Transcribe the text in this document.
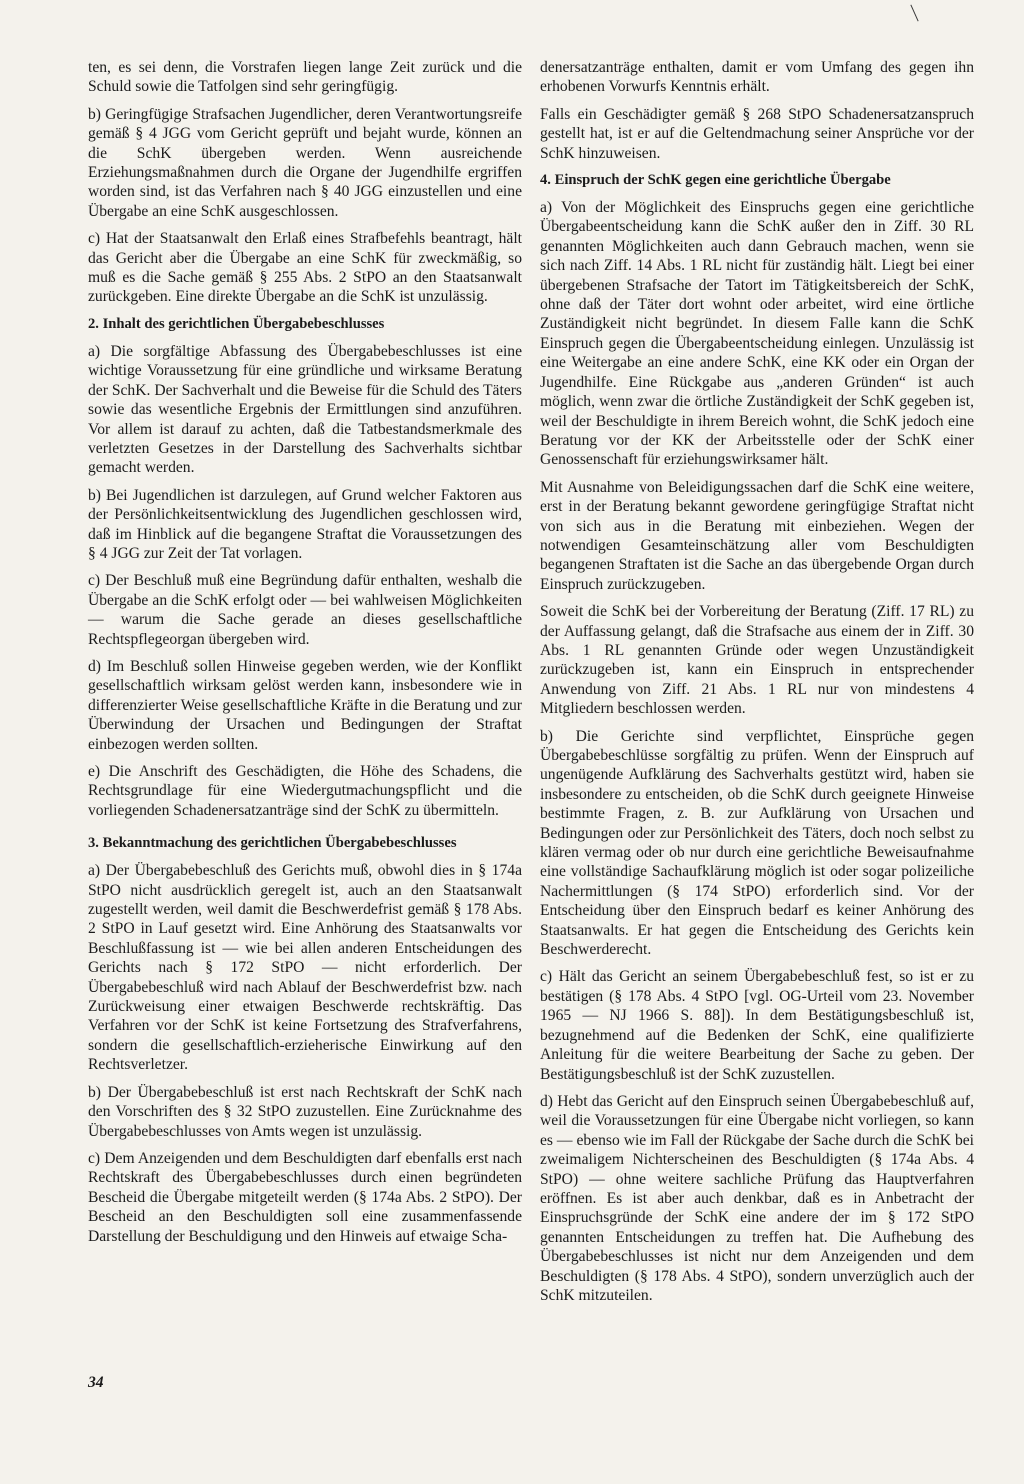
ten, es sei denn, die Vorstrafen liegen lange Zeit zurück und die Schuld sowie die Tatfolgen sind sehr geringfügig.

b) Geringfügige Strafsachen Jugendlicher, deren Verantwortungsreife gemäß § 4 JGG vom Gericht geprüft und bejaht wurde, können an die SchK übergeben werden. Wenn ausreichende Erziehungsmaßnahmen durch die Organe der Jugendhilfe ergriffen worden sind, ist das Verfahren nach § 40 JGG einzustellen und eine Übergabe an eine SchK ausgeschlossen.

c) Hat der Staatsanwalt den Erlaß eines Strafbefehls beantragt, hält das Gericht aber die Übergabe an eine SchK für zweckmäßig, so muß es die Sache gemäß § 255 Abs. 2 StPO an den Staatsanwalt zurückgeben. Eine direkte Übergabe an die SchK ist unzulässig.

2. Inhalt des gerichtlichen Übergabebeschlusses

a) Die sorgfältige Abfassung des Übergabebeschlusses ist eine wichtige Voraussetzung für eine gründliche und wirksame Beratung der SchK. Der Sachverhalt und die Beweise für die Schuld des Täters sowie das wesentliche Ergebnis der Ermittlungen sind anzuführen. Vor allem ist darauf zu achten, daß die Tatbestandsmerkmale des verletzten Gesetzes in der Darstellung des Sachverhalts sichtbar gemacht werden.

b) Bei Jugendlichen ist darzulegen, auf Grund welcher Faktoren aus der Persönlichkeitsentwicklung des Jugendlichen geschlossen wird, daß im Hinblick auf die begangene Straftat die Voraussetzungen des § 4 JGG zur Zeit der Tat vorlagen.

c) Der Beschluß muß eine Begründung dafür enthalten, weshalb die Übergabe an die SchK erfolgt oder — bei wahlweisen Möglichkeiten — warum die Sache gerade an dieses gesellschaftliche Rechtspflegeorgan übergeben wird.

d) Im Beschluß sollen Hinweise gegeben werden, wie der Konflikt gesellschaftlich wirksam gelöst werden kann, insbesondere wie in differenzierter Weise gesellschaftliche Kräfte in die Beratung und zur Überwindung der Ursachen und Bedingungen der Straftat einbezogen werden sollten.

e) Die Anschrift des Geschädigten, die Höhe des Schadens, die Rechtsgrundlage für eine Wiedergutmachungspflicht und die vorliegenden Schadenersatzanträge sind der SchK zu übermitteln.

3. Bekanntmachung des gerichtlichen Übergabebeschlusses

a) Der Übergabebeschluß des Gerichts muß, obwohl dies in § 174a StPO nicht ausdrücklich geregelt ist, auch an den Staatsanwalt zugestellt werden, weil damit die Beschwerdefrist gemäß § 178 Abs. 2 StPO in Lauf gesetzt wird. Eine Anhörung des Staatsanwalts vor Beschlußfassung ist — wie bei allen anderen Entscheidungen des Gerichts nach § 172 StPO — nicht erforderlich. Der Übergabebeschluß wird nach Ablauf der Beschwerdefrist bzw. nach Zurückweisung einer etwaigen Beschwerde rechtskräftig. Das Verfahren vor der SchK ist keine Fortsetzung des Strafverfahrens, sondern die gesellschaftlich-erzieherische Einwirkung auf den Rechtsverletzer.

b) Der Übergabebeschluß ist erst nach Rechtskraft der SchK nach den Vorschriften des § 32 StPO zuzustellen. Eine Zurücknahme des Übergabebeschlusses von Amts wegen ist unzulässig.

c) Dem Anzeigenden und dem Beschuldigten darf ebenfalls erst nach Rechtskraft des Übergabebeschlusses durch einen begründeten Bescheid die Übergabe mitgeteilt werden (§ 174a Abs. 2 StPO). Der Bescheid an den Beschuldigten soll eine zusammenfassende Darstellung der Beschuldigung und den Hinweis auf etwaige Scha-

denersatzanträge enthalten, damit er vom Umfang des gegen ihn erhobenen Vorwurfs Kenntnis erhält.

Falls ein Geschädigter gemäß § 268 StPO Schadenersatzanspruch gestellt hat, ist er auf die Geltendmachung seiner Ansprüche vor der SchK hinzuweisen.

4. Einspruch der SchK gegen eine gerichtliche Übergabe

a) Von der Möglichkeit des Einspruchs gegen eine gerichtliche Übergabeentscheidung kann die SchK außer den in Ziff. 30 RL genannten Möglichkeiten auch dann Gebrauch machen, wenn sie sich nach Ziff. 14 Abs. 1 RL nicht für zuständig hält. Liegt bei einer übergebenen Strafsache der Tatort im Tätigkeitsbereich der SchK, ohne daß der Täter dort wohnt oder arbeitet, wird eine örtliche Zuständigkeit nicht begründet. In diesem Falle kann die SchK Einspruch gegen die Übergabeentscheidung einlegen. Unzulässig ist eine Weitergabe an eine andere SchK, eine KK oder ein Organ der Jugendhilfe. Eine Rückgabe aus „anderen Gründen“ ist auch möglich, wenn zwar die örtliche Zuständigkeit der SchK gegeben ist, weil der Beschuldigte in ihrem Bereich wohnt, die SchK jedoch eine Beratung vor der KK der Arbeitsstelle oder der SchK einer Genossenschaft für erziehungswirksamer hält.

Mit Ausnahme von Beleidigungssachen darf die SchK eine weitere, erst in der Beratung bekannt gewordene geringfügige Straftat nicht von sich aus in die Beratung mit einbeziehen. Wegen der notwendigen Gesamteinschätzung aller vom Beschuldigten begangenen Straftaten ist die Sache an das übergebende Organ durch Einspruch zurückzugeben.

Soweit die SchK bei der Vorbereitung der Beratung (Ziff. 17 RL) zu der Auffassung gelangt, daß die Strafsache aus einem der in Ziff. 30 Abs. 1 RL genannten Gründe oder wegen Unzuständigkeit zurückzugeben ist, kann ein Einspruch in entsprechender Anwendung von Ziff. 21 Abs. 1 RL nur von mindestens 4 Mitgliedern beschlossen werden.

b) Die Gerichte sind verpflichtet, Einsprüche gegen Übergabebeschlüsse sorgfältig zu prüfen. Wenn der Einspruch auf ungenügende Aufklärung des Sachverhalts gestützt wird, haben sie insbesondere zu entscheiden, ob die SchK durch geeignete Hinweise bestimmte Fragen, z. B. zur Aufklärung von Ursachen und Bedingungen oder zur Persönlichkeit des Täters, doch noch selbst zu klären vermag oder ob nur durch eine gerichtliche Beweisaufnahme eine vollständige Sachaufklärung möglich ist oder sogar polizeiliche Nachermittlungen (§ 174 StPO) erforderlich sind. Vor der Entscheidung über den Einspruch bedarf es keiner Anhörung des Staatsanwalts. Er hat gegen die Entscheidung des Gerichts kein Beschwerderecht.

c) Hält das Gericht an seinem Übergabebeschluß fest, so ist er zu bestätigen (§ 178 Abs. 4 StPO [vgl. OG-Urteil vom 23. November 1965 — NJ 1966 S. 88]). In dem Bestätigungsbeschluß ist, bezugnehmend auf die Bedenken der SchK, eine qualifizierte Anleitung für die weitere Bearbeitung der Sache zu geben. Der Bestätigungsbeschluß ist der SchK zuzustellen.

d) Hebt das Gericht auf den Einspruch seinen Übergabebeschluß auf, weil die Voraussetzungen für eine Übergabe nicht vorliegen, so kann es — ebenso wie im Fall der Rückgabe der Sache durch die SchK bei zweimaligem Nichterscheinen des Beschuldigten (§ 174a Abs. 4 StPO) — ohne weitere sachliche Prüfung das Hauptverfahren eröffnen. Es ist aber auch denkbar, daß es in Anbetracht der Einspruchsgründe der SchK eine andere der im § 172 StPO genannten Entscheidungen zu treffen hat. Die Aufhebung des Übergabebeschlusses ist nicht nur dem Anzeigenden und dem Beschuldigten (§ 178 Abs. 4 StPO), sondern unverzüglich auch der SchK mitzuteilen.

34
